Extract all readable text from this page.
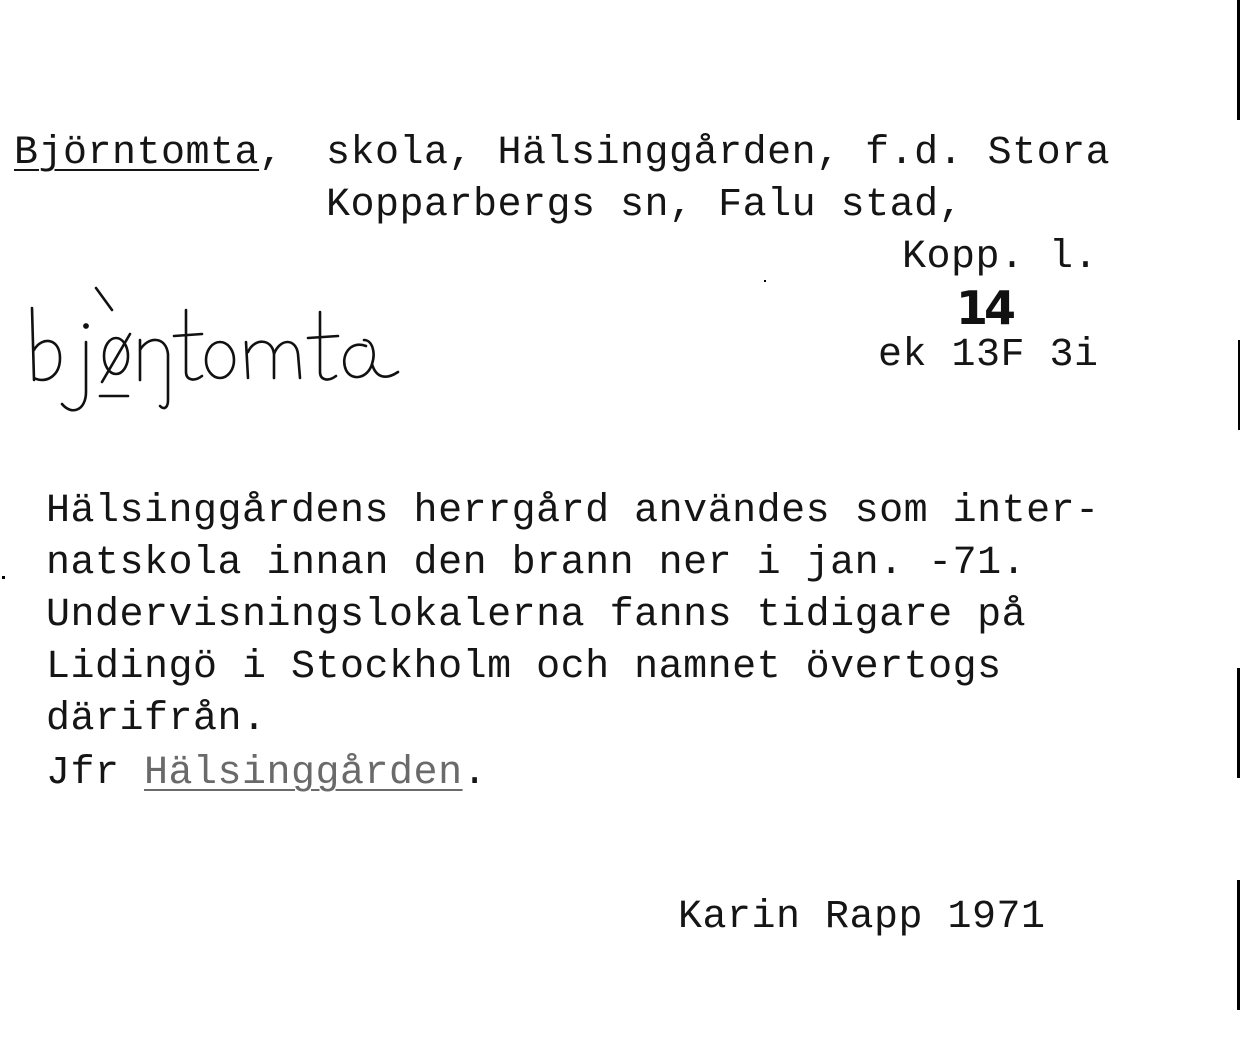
Björntomta, skola, Hälsinggården, f.d. Stora
Kopparbergs sn, Falu stad,
Kopp. l.
14
ek 13F 3i
Hälsinggårdens herrgård användes som inter-
natskola innan den brann ner i jan. -71.
Undervisningslokalerna fanns tidigare på
Lidingö i Stockholm och namnet övertogs
därifrån.
Jfr Hälsinggården.
Karin Rapp 1971
